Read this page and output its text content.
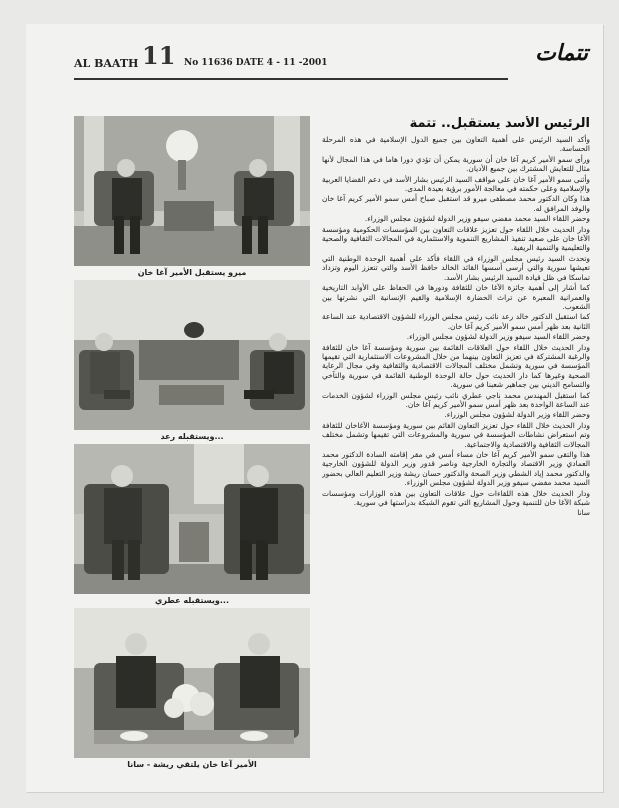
AL BAATH 11 No 11636 DATE 4 - 11 -2001	تتمات
ميرو يستقبل الأمير آغا خان
...ويستقبله رعد
...ويستقبله عطري
الأمير آغا خان يلتقي ريشة - سانا
الرئيس الأسد يستقبل.. تتمة

وأكد السيد الرئيس على أهمية التعاون بين جميع الدول الإسلامية في هذه المرحلة الحساسة.

ورأى سمو الأمير كريم آغا خان أن سورية يمكن أن تؤدي دورا هاما في هذا المجال لأنها مثال للتعايش المشترك بين جميع الأديان.

وأثنى سمو الأمير آغا خان على مواقف السيد الرئيس بشار الأسد في دعم القضايا العربية والإسلامية وعلى حكمته في معالجة الأمور برؤية بعيدة المدى.

هذا وكان الدكتور محمد مصطفى ميرو قد استقبل صباح أمس سمو الأمير كريم آغا خان والوفد المرافق له.

وحضر اللقاء السيد محمد مفضي سيفو وزير الدولة لشؤون مجلس الوزراء.

ودار الحديث خلال اللقاء حول تعزيز علاقات التعاون بين المؤسسات الحكومية ومؤسسة الآغا خان على صعيد تنفيذ المشاريع التنموية والاستثمارية في المجالات الثقافية والصحية والتعليمية والتنمية الريفية.

وتحدث السيد رئيس مجلس الوزراء في اللقاء فأكد على أهمية الوحدة الوطنية التي تعيشها سورية والتي أرسى أسسها القائد الخالد حافظ الأسد والتي تتعزز اليوم وتزداد تماسكا في ظل قيادة السيد الرئيس بشار الأسد.

كما أشار إلى أهمية جائزة الآغا خان للثقافة ودورها في الحفاظ على الأوابد التاريخية والعمرانية المعبرة عن تراث الحضارة الإسلامية والقيم الإنسانية التي نشرتها بين الشعوب.

كما استقبل الدكتور خالد رعد نائب رئيس مجلس الوزراء للشؤون الاقتصادية عند الساعة الثانية بعد ظهر أمس سمو الأمير كريم آغا خان.

وحضر اللقاء السيد سيفو وزير الدولة لشؤون مجلس الوزراء.

ودار الحديث خلال اللقاء حول العلاقات القائمة بين سورية ومؤسسة آغا خان للثقافة والرغبة المشتركة في تعزيز التعاون بينهما من خلال المشروعات الاستثمارية التي تقيمها المؤسسة في سورية وتشمل مختلف المجالات الاقتصادية والثقافية وفي مجال الرعاية الصحية وغيرها كما دار الحديث حول حالة الوحدة الوطنية القائمة في سورية والتآخي والتسامح الديني بين جماهير شعبنا في سورية.

كما استقبل المهندس محمد ناجي عطري نائب رئيس مجلس الوزراء لشؤون الخدمات عند الساعة الواحدة بعد ظهر أمس سمو الأمير كريم آغا خان.

وحضر اللقاء وزير الدولة لشؤون مجلس الوزراء.

ودار الحديث خلال اللقاء حول تعزيز التعاون القائم بين سورية ومؤسسة الآغاخان للثقافة وتم استعراض نشاطات المؤسسة في سورية والمشروعات التي تقيمها وتشمل مختلف المجالات الثقافية والاقتصادية والاجتماعية.

هذا والتقى سمو الأمير كريم آغا خان مساء أمس في مقر إقامته السادة الدكتور محمد العمادي وزير الاقتصاد والتجارة الخارجية وناصر قدور وزير الدولة للشؤون الخارجية والدكتور محمد إياد الشطي وزير الصحة والدكتور حسان ريشة وزير التعليم العالي بحضور السيد محمد مفضي سيفو وزير الدولة لشؤون مجلس الوزراء.

ودار الحديث خلال هذه اللقاءات حول علاقات التعاون بين هذه الوزارات ومؤسسات شبكة الآغا خان للتنمية وحول المشاريع التي تقوم الشبكة بدراستها في سورية.

سانا
